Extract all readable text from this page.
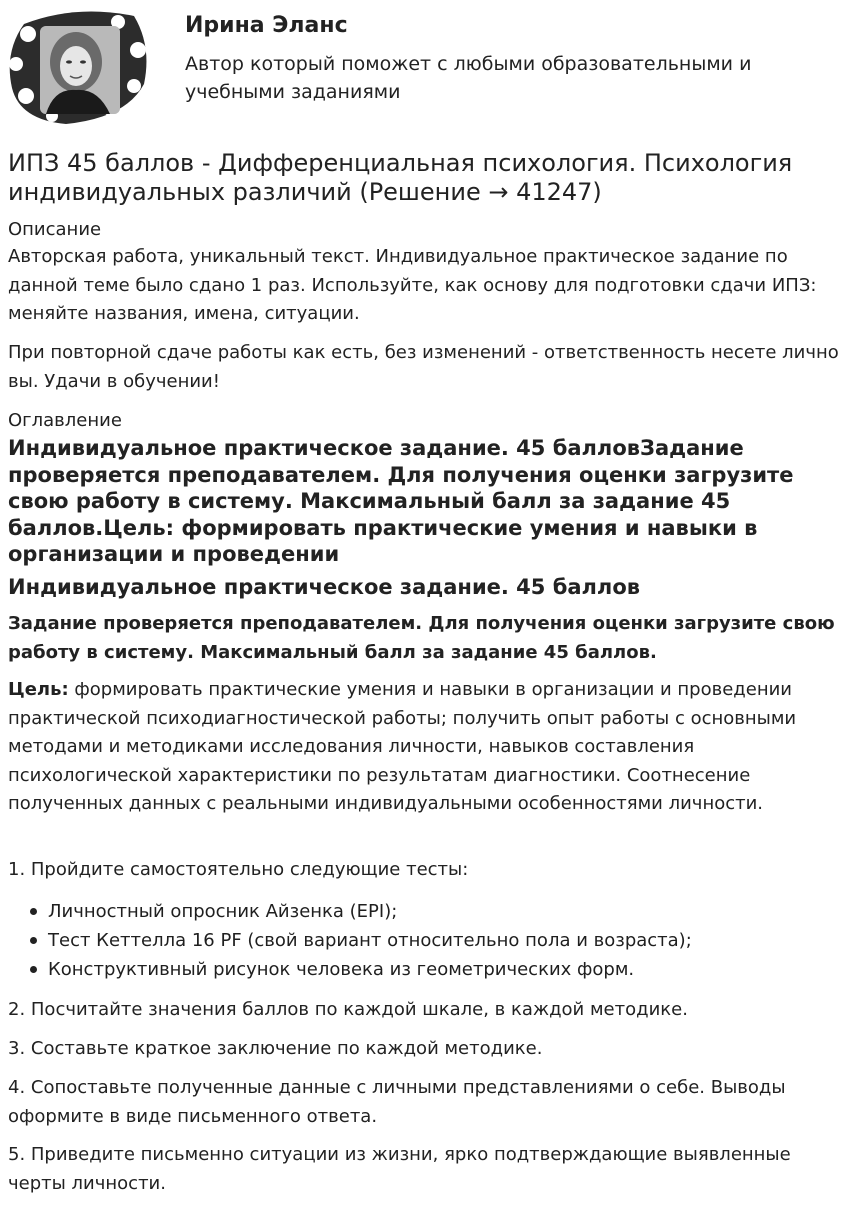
Ирина Эланс
Автор который поможет с любыми образовательными и учебными заданиями
ИПЗ 45 баллов - Дифференциальная психология. Психология индивидуальных различий (Решение → 41247)
Описание

Авторская работа, уникальный текст. Индивидуальное практическое задание по данной теме было сдано 1 раз. Используйте, как основу для подготовки сдачи ИПЗ: меняйте названия, имена, ситуации.

При повторной сдаче работы как есть, без изменений - ответственность несете лично вы. Удачи в обучении!

Оглавление
Индивидуальное практическое задание. 45 балловЗадание проверяется преподавателем. Для получения оценки загрузите свою работу в систему. Максимальный балл за задание 45 баллов.Цель: формировать практические умения и навыки в организации и проведении
Индивидуальное практическое задание. 45 баллов

Задание проверяется преподавателем. Для получения оценки загрузите свою работу в систему. Максимальный балл за задание 45 баллов.

Цель: формировать практические умения и навыки в организации и проведении практической психодиагностической работы; получить опыт работы с основными методами и методиками исследования личности, навыков составления психологической характеристики по результатам диагностики. Соотнесение полученных данных с реальными индивидуальными особенностями личности.

1. Пройдите самостоятельно следующие тесты:

Личностный опросник Айзенка (EPI);
Тест Кеттелла 16 PF (свой вариант относительно пола и возраста);
Конструктивный рисунок человека из геометрических форм.

2. Посчитайте значения баллов по каждой шкале, в каждой методике.

3. Составьте краткое заключение по каждой методике.

4. Сопоставьте полученные данные с личными представлениями о себе. Выводы оформите в виде письменного ответа.

5. Приведите письменно ситуации из жизни, ярко подтверждающие выявленные черты личности.
